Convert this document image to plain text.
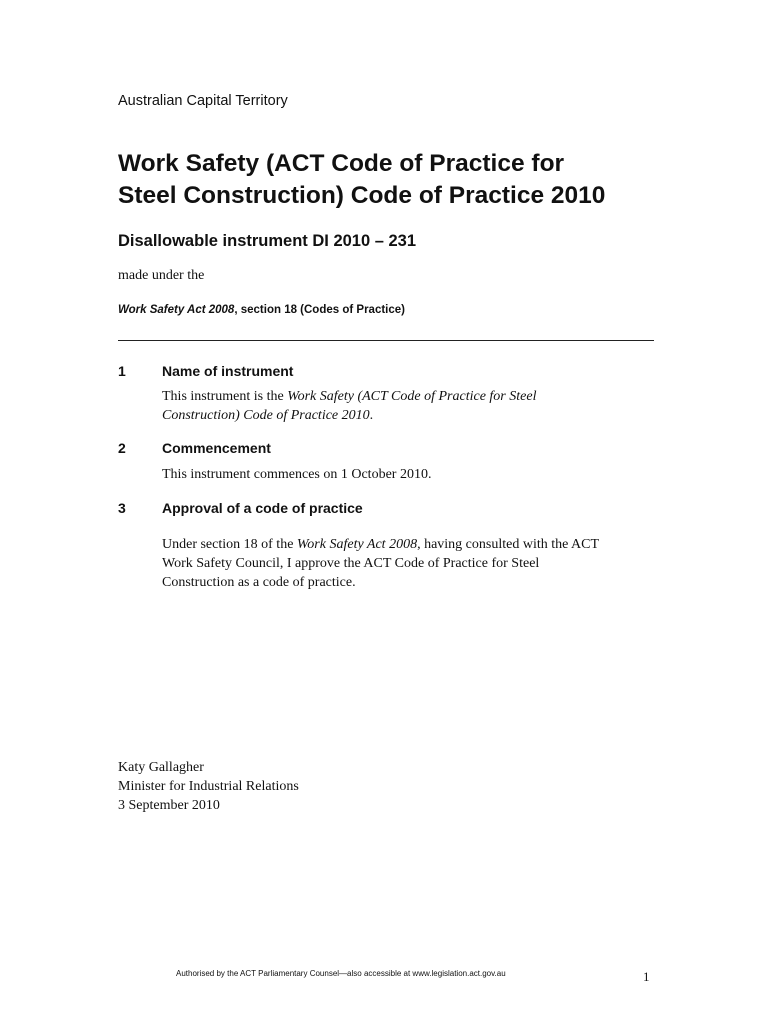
Australian Capital Territory
Work Safety (ACT Code of Practice for
Steel Construction) Code of Practice 2010
Disallowable instrument DI 2010 – 231
made under the
Work Safety Act 2008, section 18 (Codes of Practice)
1	Name of instrument
This instrument is the Work Safety (ACT Code of Practice for Steel
Construction) Code of Practice 2010.
2	Commencement
This instrument commences on 1 October 2010.
3	Approval of a code of practice
Under section 18 of the Work Safety Act 2008, having consulted with the ACT
Work Safety Council, I approve the ACT Code of Practice for Steel
Construction as a code of practice.
Katy Gallagher
Minister for Industrial Relations
3 September 2010
Authorised by the ACT Parliamentary Counsel—also accessible at www.legislation.act.gov.au	1
